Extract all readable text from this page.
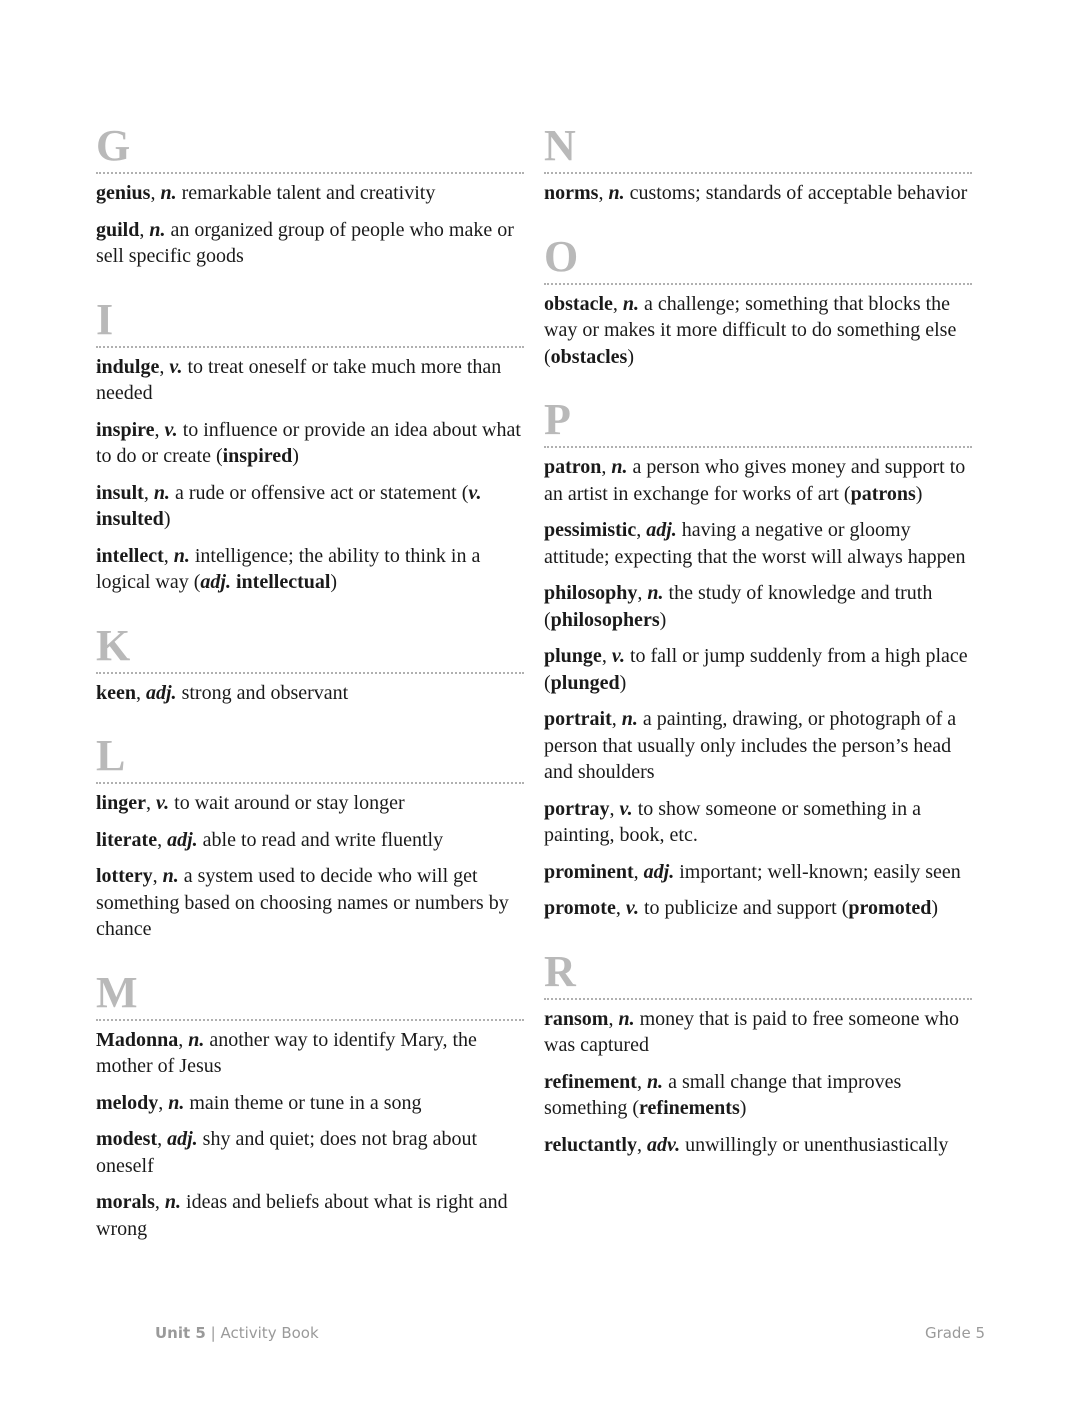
G
genius, n. remarkable talent and creativity
guild, n. an organized group of people who make or sell specific goods
I
indulge, v. to treat oneself or take much more than needed
inspire, v. to influence or provide an idea about what to do or create (inspired)
insult, n. a rude or offensive act or statement (v. insulted)
intellect, n. intelligence; the ability to think in a logical way (adj. intellectual)
K
keen, adj. strong and observant
L
linger, v. to wait around or stay longer
literate, adj. able to read and write fluently
lottery, n. a system used to decide who will get something based on choosing names or numbers by chance
M
Madonna, n. another way to identify Mary, the mother of Jesus
melody, n. main theme or tune in a song
modest, adj. shy and quiet; does not brag about oneself
morals, n. ideas and beliefs about what is right and wrong
N
norms, n. customs; standards of acceptable behavior
O
obstacle, n. a challenge; something that blocks the way or makes it more difficult to do something else (obstacles)
P
patron, n. a person who gives money and support to an artist in exchange for works of art (patrons)
pessimistic, adj. having a negative or gloomy attitude; expecting that the worst will always happen
philosophy, n. the study of knowledge and truth (philosophers)
plunge, v. to fall or jump suddenly from a high place (plunged)
portrait, n. a painting, drawing, or photograph of a person that usually only includes the person’s head and shoulders
portray, v. to show someone or something in a painting, book, etc.
prominent, adj. important; well-known; easily seen
promote, v. to publicize and support (promoted)
R
ransom, n. money that is paid to free someone who was captured
refinement, n. a small change that improves something (refinements)
reluctantly, adv. unwillingly or unenthusiastically
Unit 5 | Activity Book	Grade 5
